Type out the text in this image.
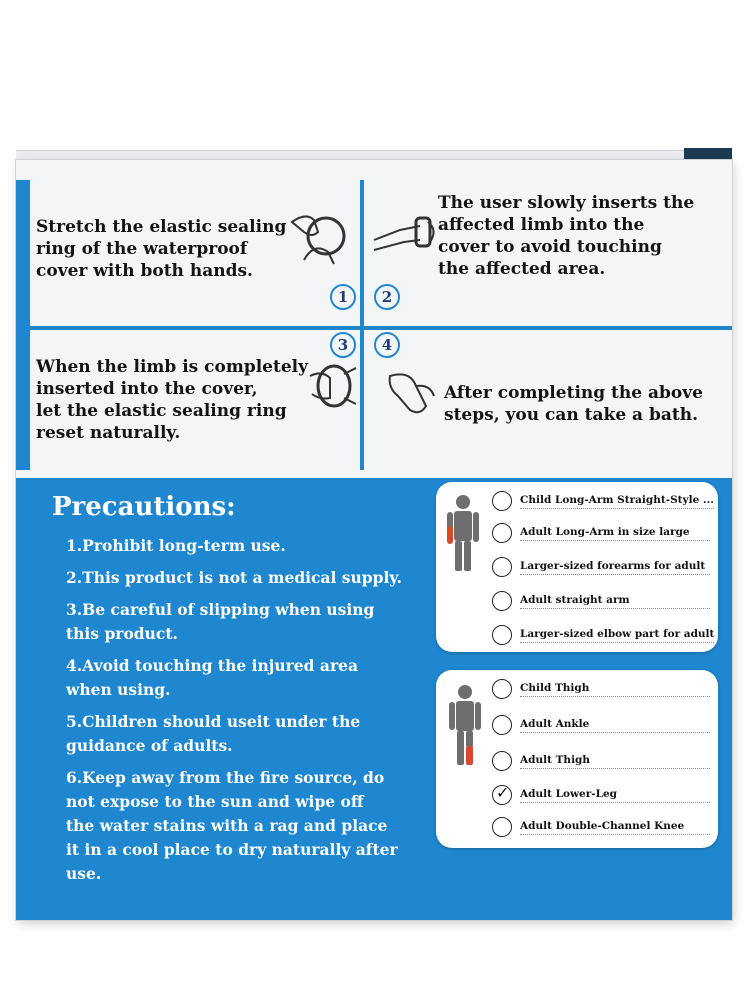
Stretch the elastic sealing
ring of the waterproof
cover with both hands.
1	2
The user slowly inserts the
affected limb into the
cover to avoid touching
the affected area.
3
When the limb is completely
inserted into the cover,
let the elastic sealing ring
reset naturally.
4
After completing the above
steps, you can take a bath.
Precautions:
1.Prohibit long-term use.
2.This product is not a medical supply.
3.Be careful of slipping when using
this product.
4.Avoid touching the injured area
when using.
5.Children should useit under the
guidance of adults.
6.Keep away from the fire source, do
not expose to the sun and wipe off
the water stains with a rag and place
it in a cool place to dry naturally after
use.
Child Long-Arm Straight-Style ...
Adult Long-Arm in size large
Larger-sized forearms for adult
Adult straight arm
Larger-sized elbow part for adult
Child Thigh
Adult Ankle
Adult Thigh
✓ Adult Lower-Leg
Adult Double-Channel Knee
